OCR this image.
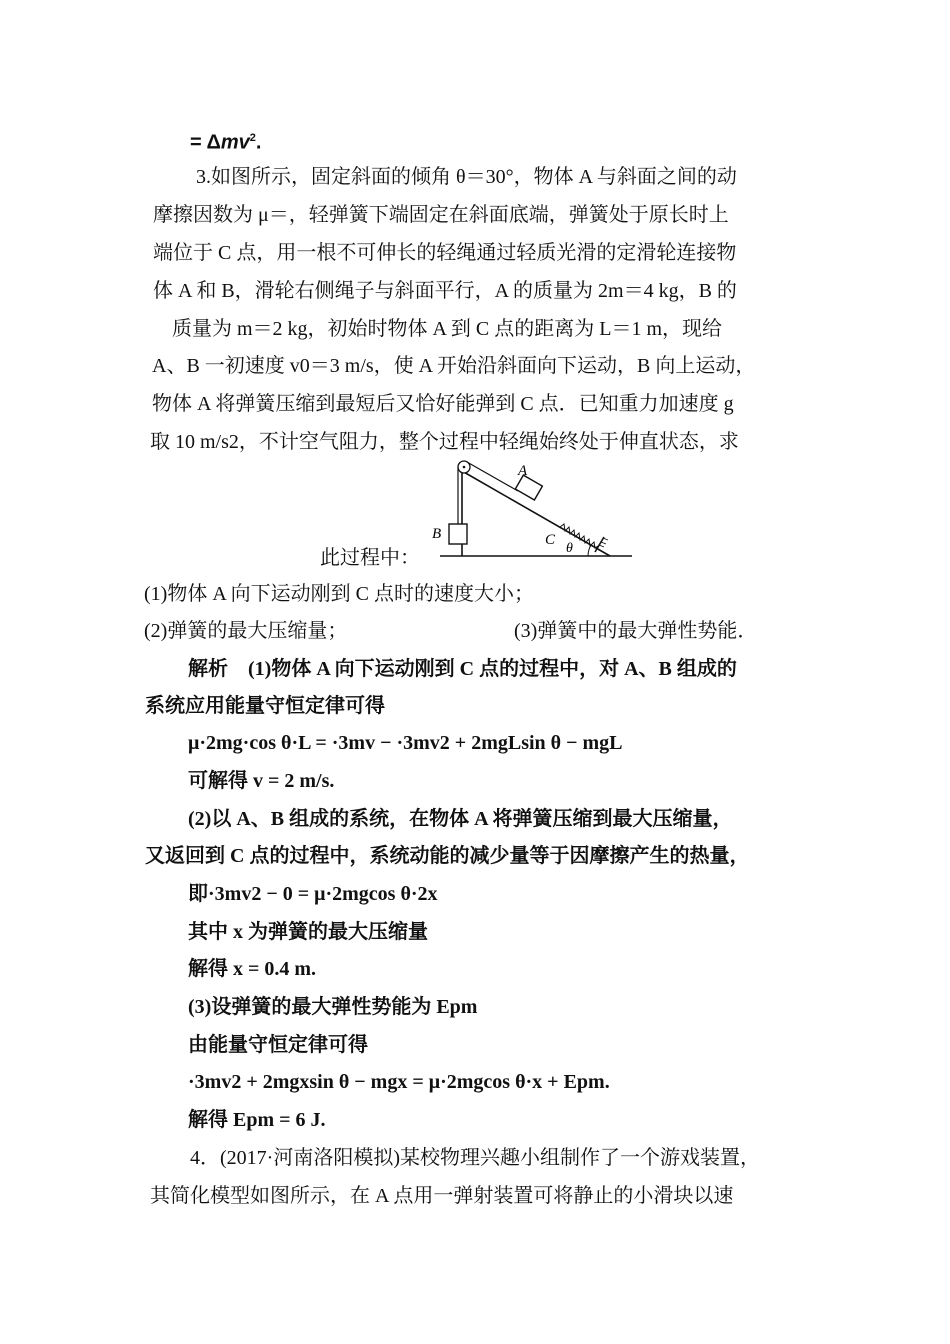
= Δmv$^2$.
3.如图所示，固定斜面的倾角 θ＝30°，物体 A 与斜面之间的动
摩擦因数为 μ＝，轻弹簧下端固定在斜面底端，弹簧处于原长时上
端位于 C 点，用一根不可伸长的轻绳通过轻质光滑的定滑轮连接物
体 A 和 B，滑轮右侧绳子与斜面平行，A 的质量为 2m＝4 kg，B 的
质量为 m＝2 kg，初始时物体 A 到 C 点的距离为 L＝1 m，现给
A、B 一初速度 v0＝3 m/s，使 A 开始沿斜面向下运动，B 向上运动，
物体 A 将弹簧压缩到最短后又恰好能弹到 C 点．已知重力加速度 g
取 10 m/s2，不计空气阻力，整个过程中轻绳始终处于伸直状态，求
A
B	C
θ
此过程中：
(1)物体 A 向下运动刚到 C 点时的速度大小；
(2)弹簧的最大压缩量；	(3)弹簧中的最大弹性势能．
解析　(1)物体 A 向下运动刚到 C 点的过程中，对 A、B 组成的
系统应用能量守恒定律可得
μ·2mg·cos θ·L = ·3mv − ·3mv2 + 2mgLsin θ − mgL
可解得 v = 2 m/s.
(2)以 A、B 组成的系统，在物体 A 将弹簧压缩到最大压缩量，
又返回到 C 点的过程中，系统动能的减少量等于因摩擦产生的热量，
即·3mv2 − 0 = μ·2mgcos θ·2x
其中 x 为弹簧的最大压缩量
解得 x = 0.4 m.
(3)设弹簧的最大弹性势能为 Epm
由能量守恒定律可得
·3mv2 + 2mgxsin θ − mgx = μ·2mgcos θ·x + Epm.
解得 Epm = 6 J.
4．(2017·河南洛阳模拟)某校物理兴趣小组制作了一个游戏装置，
其简化模型如图所示，在 A 点用一弹射装置可将静止的小滑块以速
